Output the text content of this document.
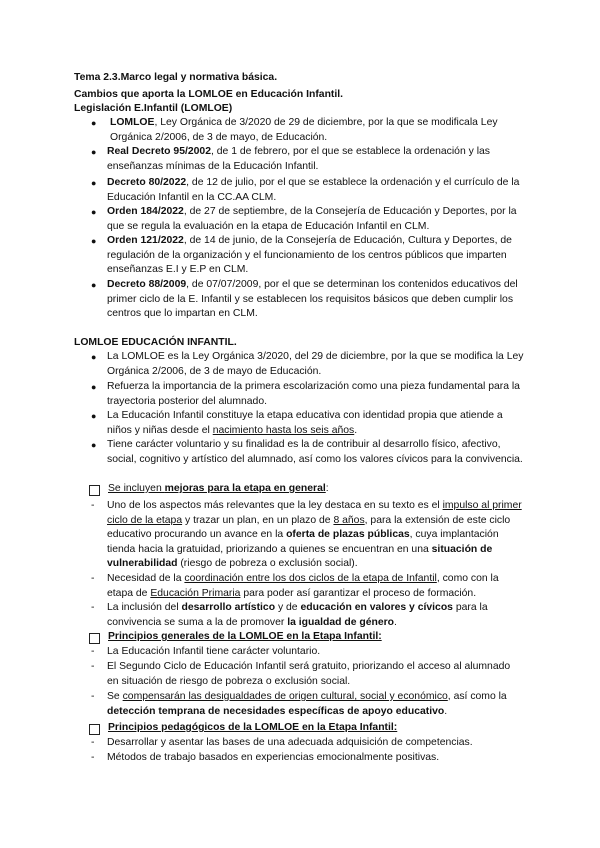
Tema 2.3.Marco legal y normativa básica.
Cambios que aporta la LOMLOE en Educación Infantil.
Legislación E.Infantil (LOMLOE)
● LOMLOE, Ley Orgánica de 3/2020 de 29 de diciembre, por la que se modificala Ley Orgánica 2/2006, de 3 de mayo, de Educación.

● Real Decreto 95/2002, de 1 de febrero, por el que se establece la ordenación y las enseñanzas mínimas de la Educación Infantil.

● Decreto 80/2022, de 12 de julio, por el que se establece la ordenación y el currículo de la Educación Infantil en la CC.AA CLM.

● Orden 184/2022, de 27 de septiembre, de la Consejería de Educación y Deportes, por la que se regula la evaluación en la etapa de Educación Infantil en CLM.

● Orden 121/2022, de 14 de junio, de la Consejería de Educación, Cultura y Deportes, de regulación de la organización y el funcionamiento de los centros públicos que imparten enseñanzas E.I y E.P en CLM.

● Decreto 88/2009, de 07/07/2009, por el que se determinan los contenidos educativos del primer ciclo de la E. Infantil y se establecen los requisitos básicos que deben cumplir los centros que lo impartan en CLM.

LOMLOE EDUCACIÓN INFANTIL.
● La LOMLOE es la Ley Orgánica 3/2020, del 29 de diciembre, por la que se modifica la Ley Orgánica 2/2006, de 3 de mayo de Educación.

● Refuerza la importancia de la primera escolarización como una pieza fundamental para la trayectoria posterior del alumnado.

● La Educación Infantil constituye la etapa educativa con identidad propia que atiende a niños y niñas desde el nacimiento hasta los seis años.

● Tiene carácter voluntario y su finalidad es la de contribuir al desarrollo físico, afectivo, social, cognitivo y artístico del alumnado, así como los valores cívicos para la convivencia.

Se incluyen mejoras para la etapa en general:
- Uno de los aspectos más relevantes que la ley destaca en su texto es el impulso al primer ciclo de la etapa y trazar un plan, en un plazo de 8 años, para la extensión de este ciclo educativo procurando un avance en la oferta de plazas públicas, cuya implantación tienda hacia la gratuidad, priorizando a quienes se encuentran en una situación de vulnerabilidad (riesgo de pobreza o exclusión social).

- Necesidad de la coordinación entre los dos ciclos de la etapa de Infantil, como con la etapa de Educación Primaria para poder así garantizar el proceso de formación.

- La inclusión del desarrollo artístico y de educación en valores y cívicos para la convivencia se suma a la de promover la igualdad de género.

Principios generales de la LOMLOE en la Etapa Infantil:
- La Educación Infantil tiene carácter voluntario.

- El Segundo Ciclo de Educación Infantil será gratuito, priorizando el acceso al alumnado en situación de riesgo de pobreza o exclusión social.

- Se compensarán las desigualdades de origen cultural, social y económico, así como la detección temprana de necesidades específicas de apoyo educativo.

Principios pedagógicos de la LOMLOE en la Etapa Infantil:
- Desarrollar y asentar las bases de una adecuada adquisición de competencias.

- Métodos de trabajo basados en experiencias emocionalmente positivas.
